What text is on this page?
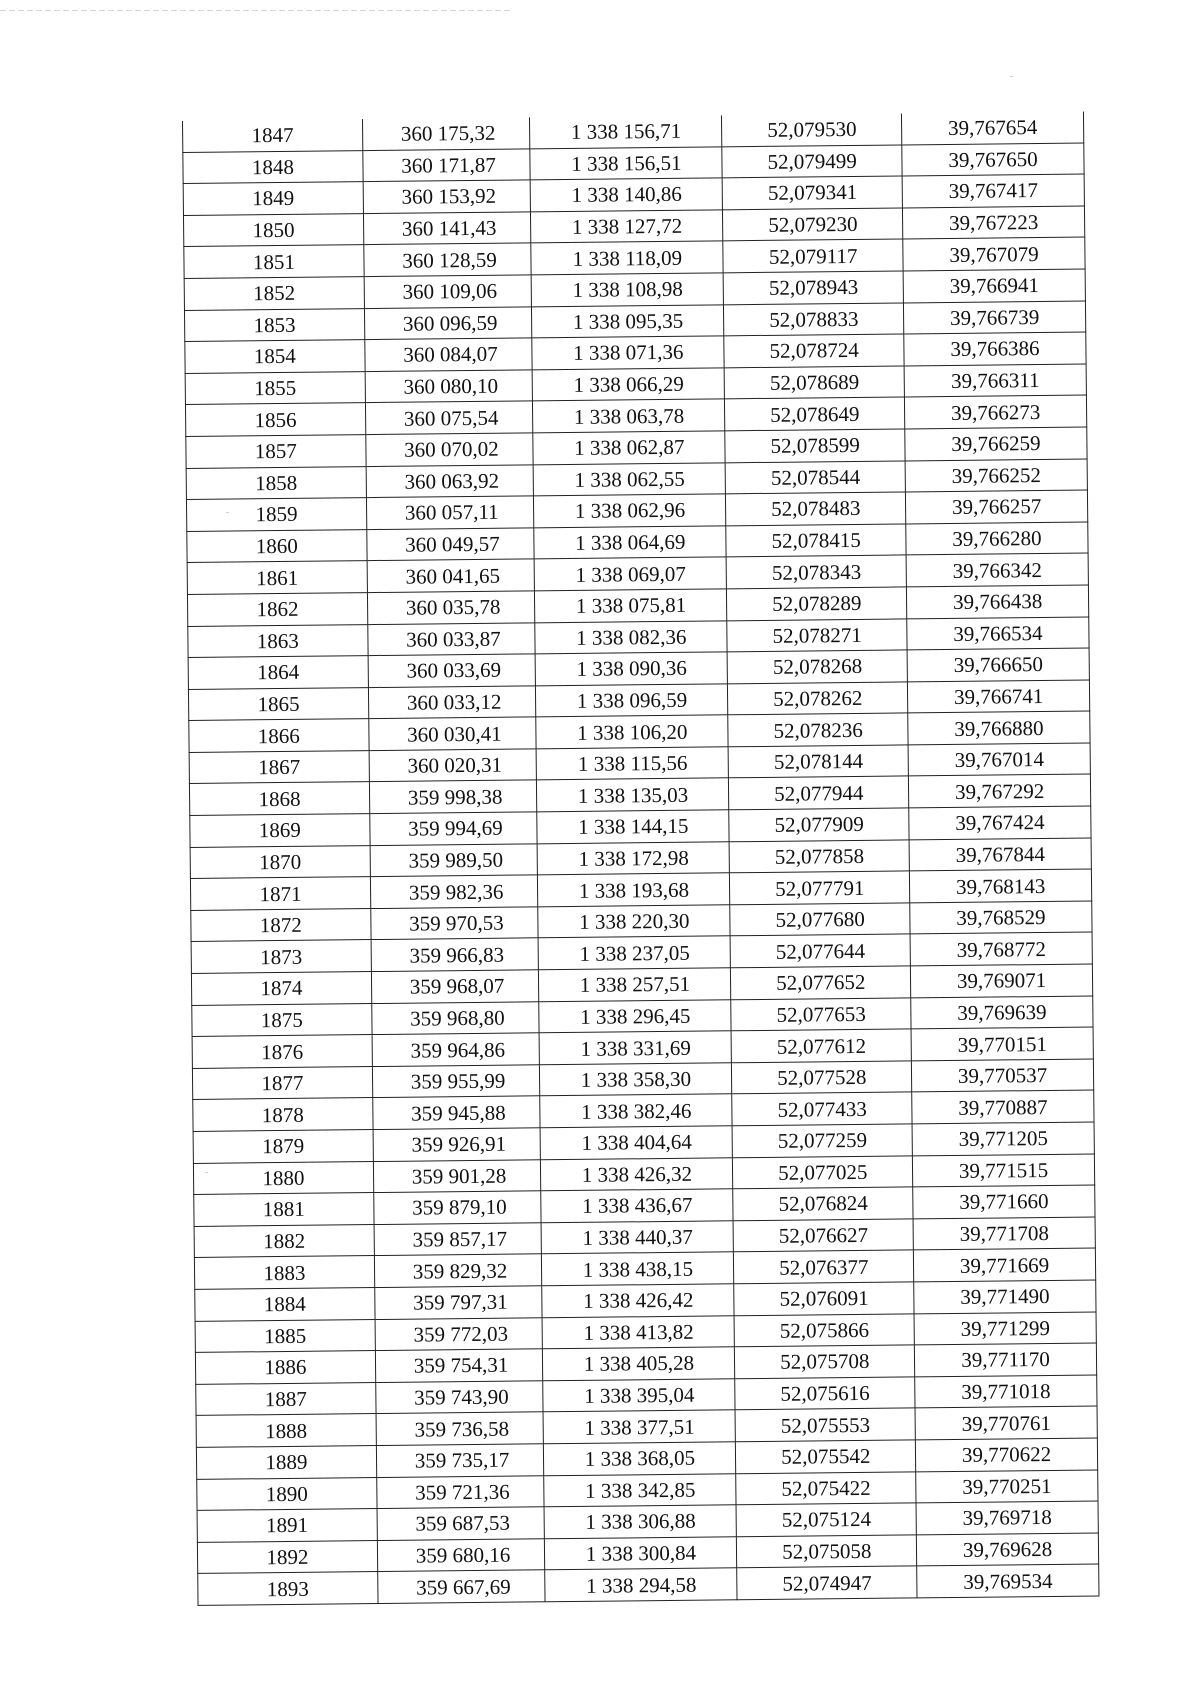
1847	360 175,32	1 338 156,71	52,079530	39,767654
1848	360 171,87	1 338 156,51	52,079499	39,767650
1849	360 153,92	1 338 140,86	52,079341	39,767417
1850	360 141,43	1 338 127,72	52,079230	39,767223
1851	360 128,59	1 338 118,09	52,079117	39,767079
1852	360 109,06	1 338 108,98	52,078943	39,766941
1853	360 096,59	1 338 095,35	52,078833	39,766739
1854	360 084,07	1 338 071,36	52,078724	39,766386
1855	360 080,10	1 338 066,29	52,078689	39,766311
1856	360 075,54	1 338 063,78	52,078649	39,766273
1857	360 070,02	1 338 062,87	52,078599	39,766259
1858	360 063,92	1 338 062,55	52,078544	39,766252
1859	360 057,11	1 338 062,96	52,078483	39,766257
1860	360 049,57	1 338 064,69	52,078415	39,766280
1861	360 041,65	1 338 069,07	52,078343	39,766342
1862	360 035,78	1 338 075,81	52,078289	39,766438
1863	360 033,87	1 338 082,36	52,078271	39,766534
1864	360 033,69	1 338 090,36	52,078268	39,766650
1865	360 033,12	1 338 096,59	52,078262	39,766741
1866	360 030,41	1 338 106,20	52,078236	39,766880
1867	360 020,31	1 338 115,56	52,078144	39,767014
1868	359 998,38	1 338 135,03	52,077944	39,767292
1869	359 994,69	1 338 144,15	52,077909	39,767424
1870	359 989,50	1 338 172,98	52,077858	39,767844
1871	359 982,36	1 338 193,68	52,077791	39,768143
1872	359 970,53	1 338 220,30	52,077680	39,768529
1873	359 966,83	1 338 237,05	52,077644	39,768772
1874	359 968,07	1 338 257,51	52,077652	39,769071
1875	359 968,80	1 338 296,45	52,077653	39,769639
1876	359 964,86	1 338 331,69	52,077612	39,770151
1877	359 955,99	1 338 358,30	52,077528	39,770537
1878	359 945,88	1 338 382,46	52,077433	39,770887
1879	359 926,91	1 338 404,64	52,077259	39,771205
1880	359 901,28	1 338 426,32	52,077025	39,771515
1881	359 879,10	1 338 436,67	52,076824	39,771660
1882	359 857,17	1 338 440,37	52,076627	39,771708
1883	359 829,32	1 338 438,15	52,076377	39,771669
1884	359 797,31	1 338 426,42	52,076091	39,771490
1885	359 772,03	1 338 413,82	52,075866	39,771299
1886	359 754,31	1 338 405,28	52,075708	39,771170
1887	359 743,90	1 338 395,04	52,075616	39,771018
1888	359 736,58	1 338 377,51	52,075553	39,770761
1889	359 735,17	1 338 368,05	52,075542	39,770622
1890	359 721,36	1 338 342,85	52,075422	39,770251
1891	359 687,53	1 338 306,88	52,075124	39,769718
1892	359 680,16	1 338 300,84	52,075058	39,769628
1893	359 667,69	1 338 294,58	52,074947	39,769534
